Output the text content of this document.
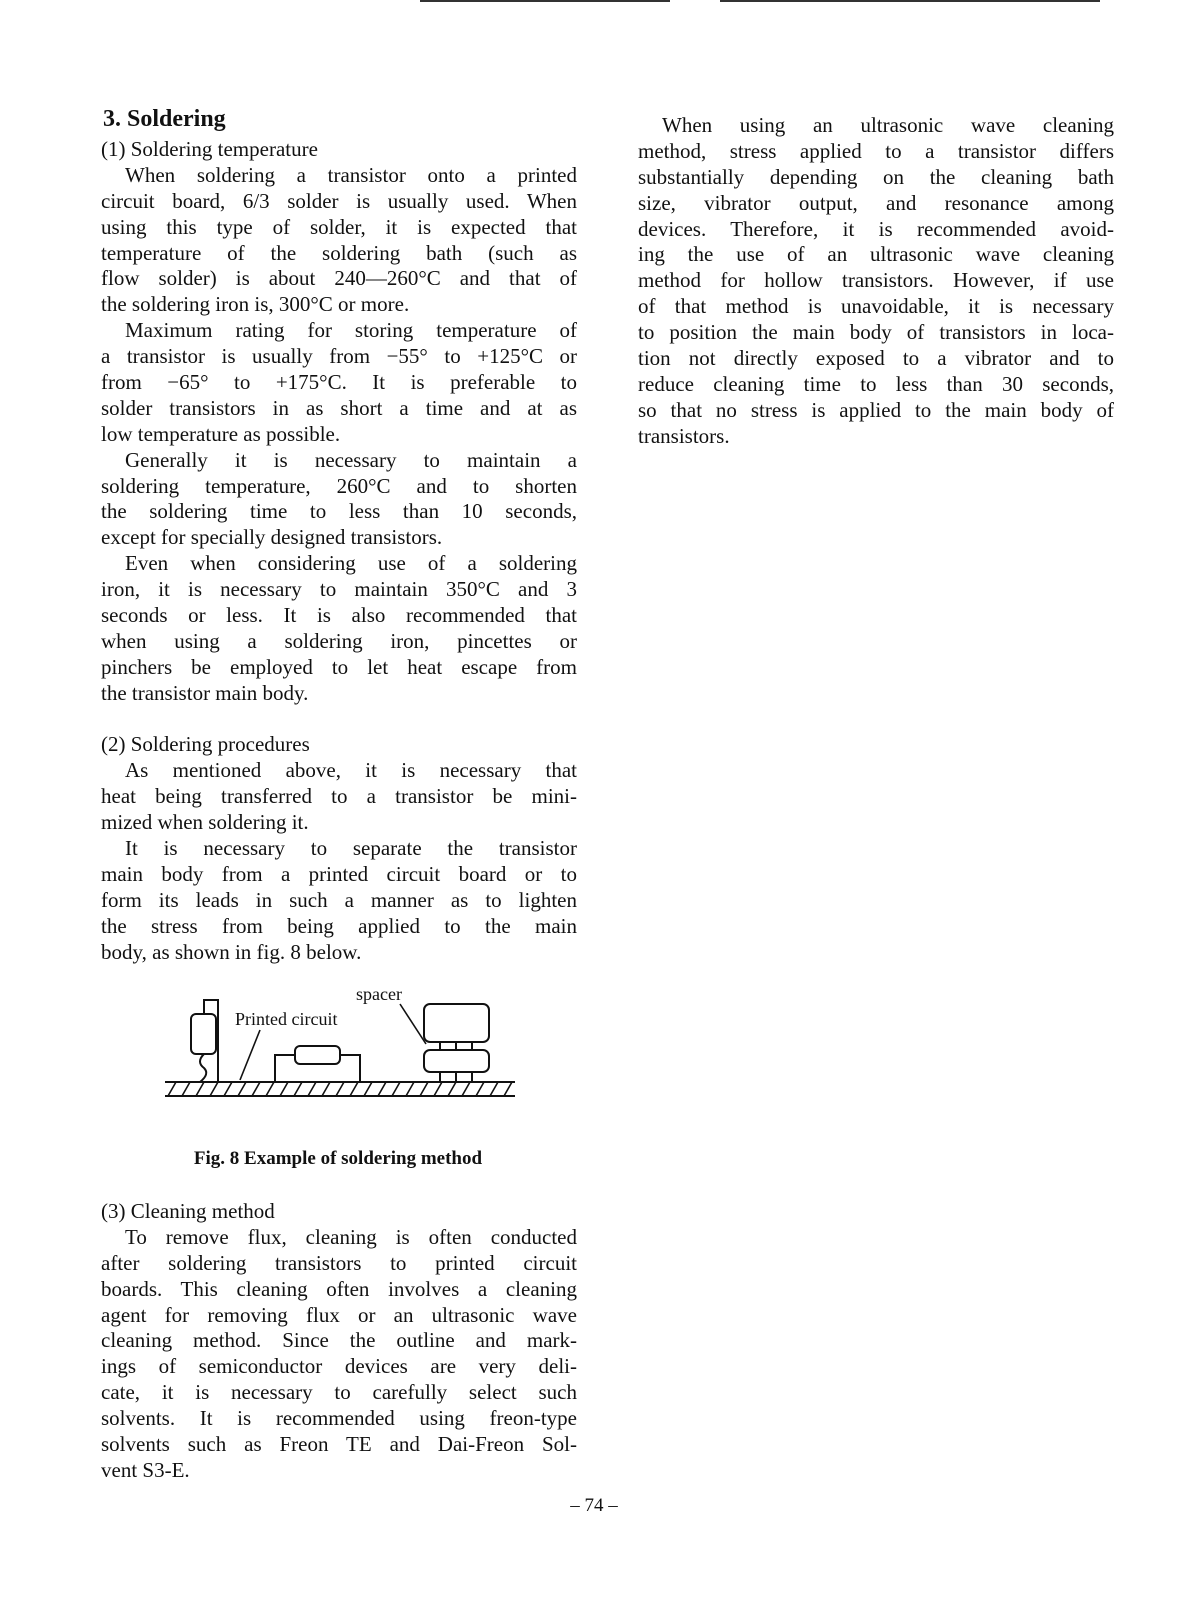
3. Soldering
(1) Soldering temperature
When soldering a transistor onto a printed
circuit board, 6/3 solder is usually used. When
using this type of solder, it is expected that
temperature of the soldering bath (such as
flow solder) is about 240—260°C and that of
the soldering iron is, 300°C or more.
Maximum rating for storing temperature of
a transistor is usually from −55° to +125°C or
from −65° to +175°C. It is preferable to
solder transistors in as short a time and at as
low temperature as possible.
Generally it is necessary to maintain a
soldering temperature, 260°C and to shorten
the soldering time to less than 10 seconds,
except for specially designed transistors.
Even when considering use of a soldering
iron, it is necessary to maintain 350°C and 3
seconds or less. It is also recommended that
when using a soldering iron, pincettes or
pinchers be employed to let heat escape from
the transistor main body.
(2) Soldering procedures
As mentioned above, it is necessary that
heat being transferred to a transistor be mini-
mized when soldering it.
It is necessary to separate the transistor
main body from a printed circuit board or to
form its leads in such a manner as to lighten
the stress from being applied to the main
body, as shown in fig. 8 below.
Printed circuit
spacer
Fig. 8 Example of soldering method
(3) Cleaning method
To remove flux, cleaning is often conducted
after soldering transistors to printed circuit
boards. This cleaning often involves a cleaning
agent for removing flux or an ultrasonic wave
cleaning method. Since the outline and mark-
ings of semiconductor devices are very deli-
cate, it is necessary to carefully select such
solvents. It is recommended using freon-type
solvents such as Freon TE and Dai-Freon Sol-
vent S3-E.
When using an ultrasonic wave cleaning
method, stress applied to a transistor differs
substantially depending on the cleaning bath
size, vibrator output, and resonance among
devices. Therefore, it is recommended avoid-
ing the use of an ultrasonic wave cleaning
method for hollow transistors. However, if use
of that method is unavoidable, it is necessary
to position the main body of transistors in loca-
tion not directly exposed to a vibrator and to
reduce cleaning time to less than 30 seconds,
so that no stress is applied to the main body of
transistors.
– 74 –
